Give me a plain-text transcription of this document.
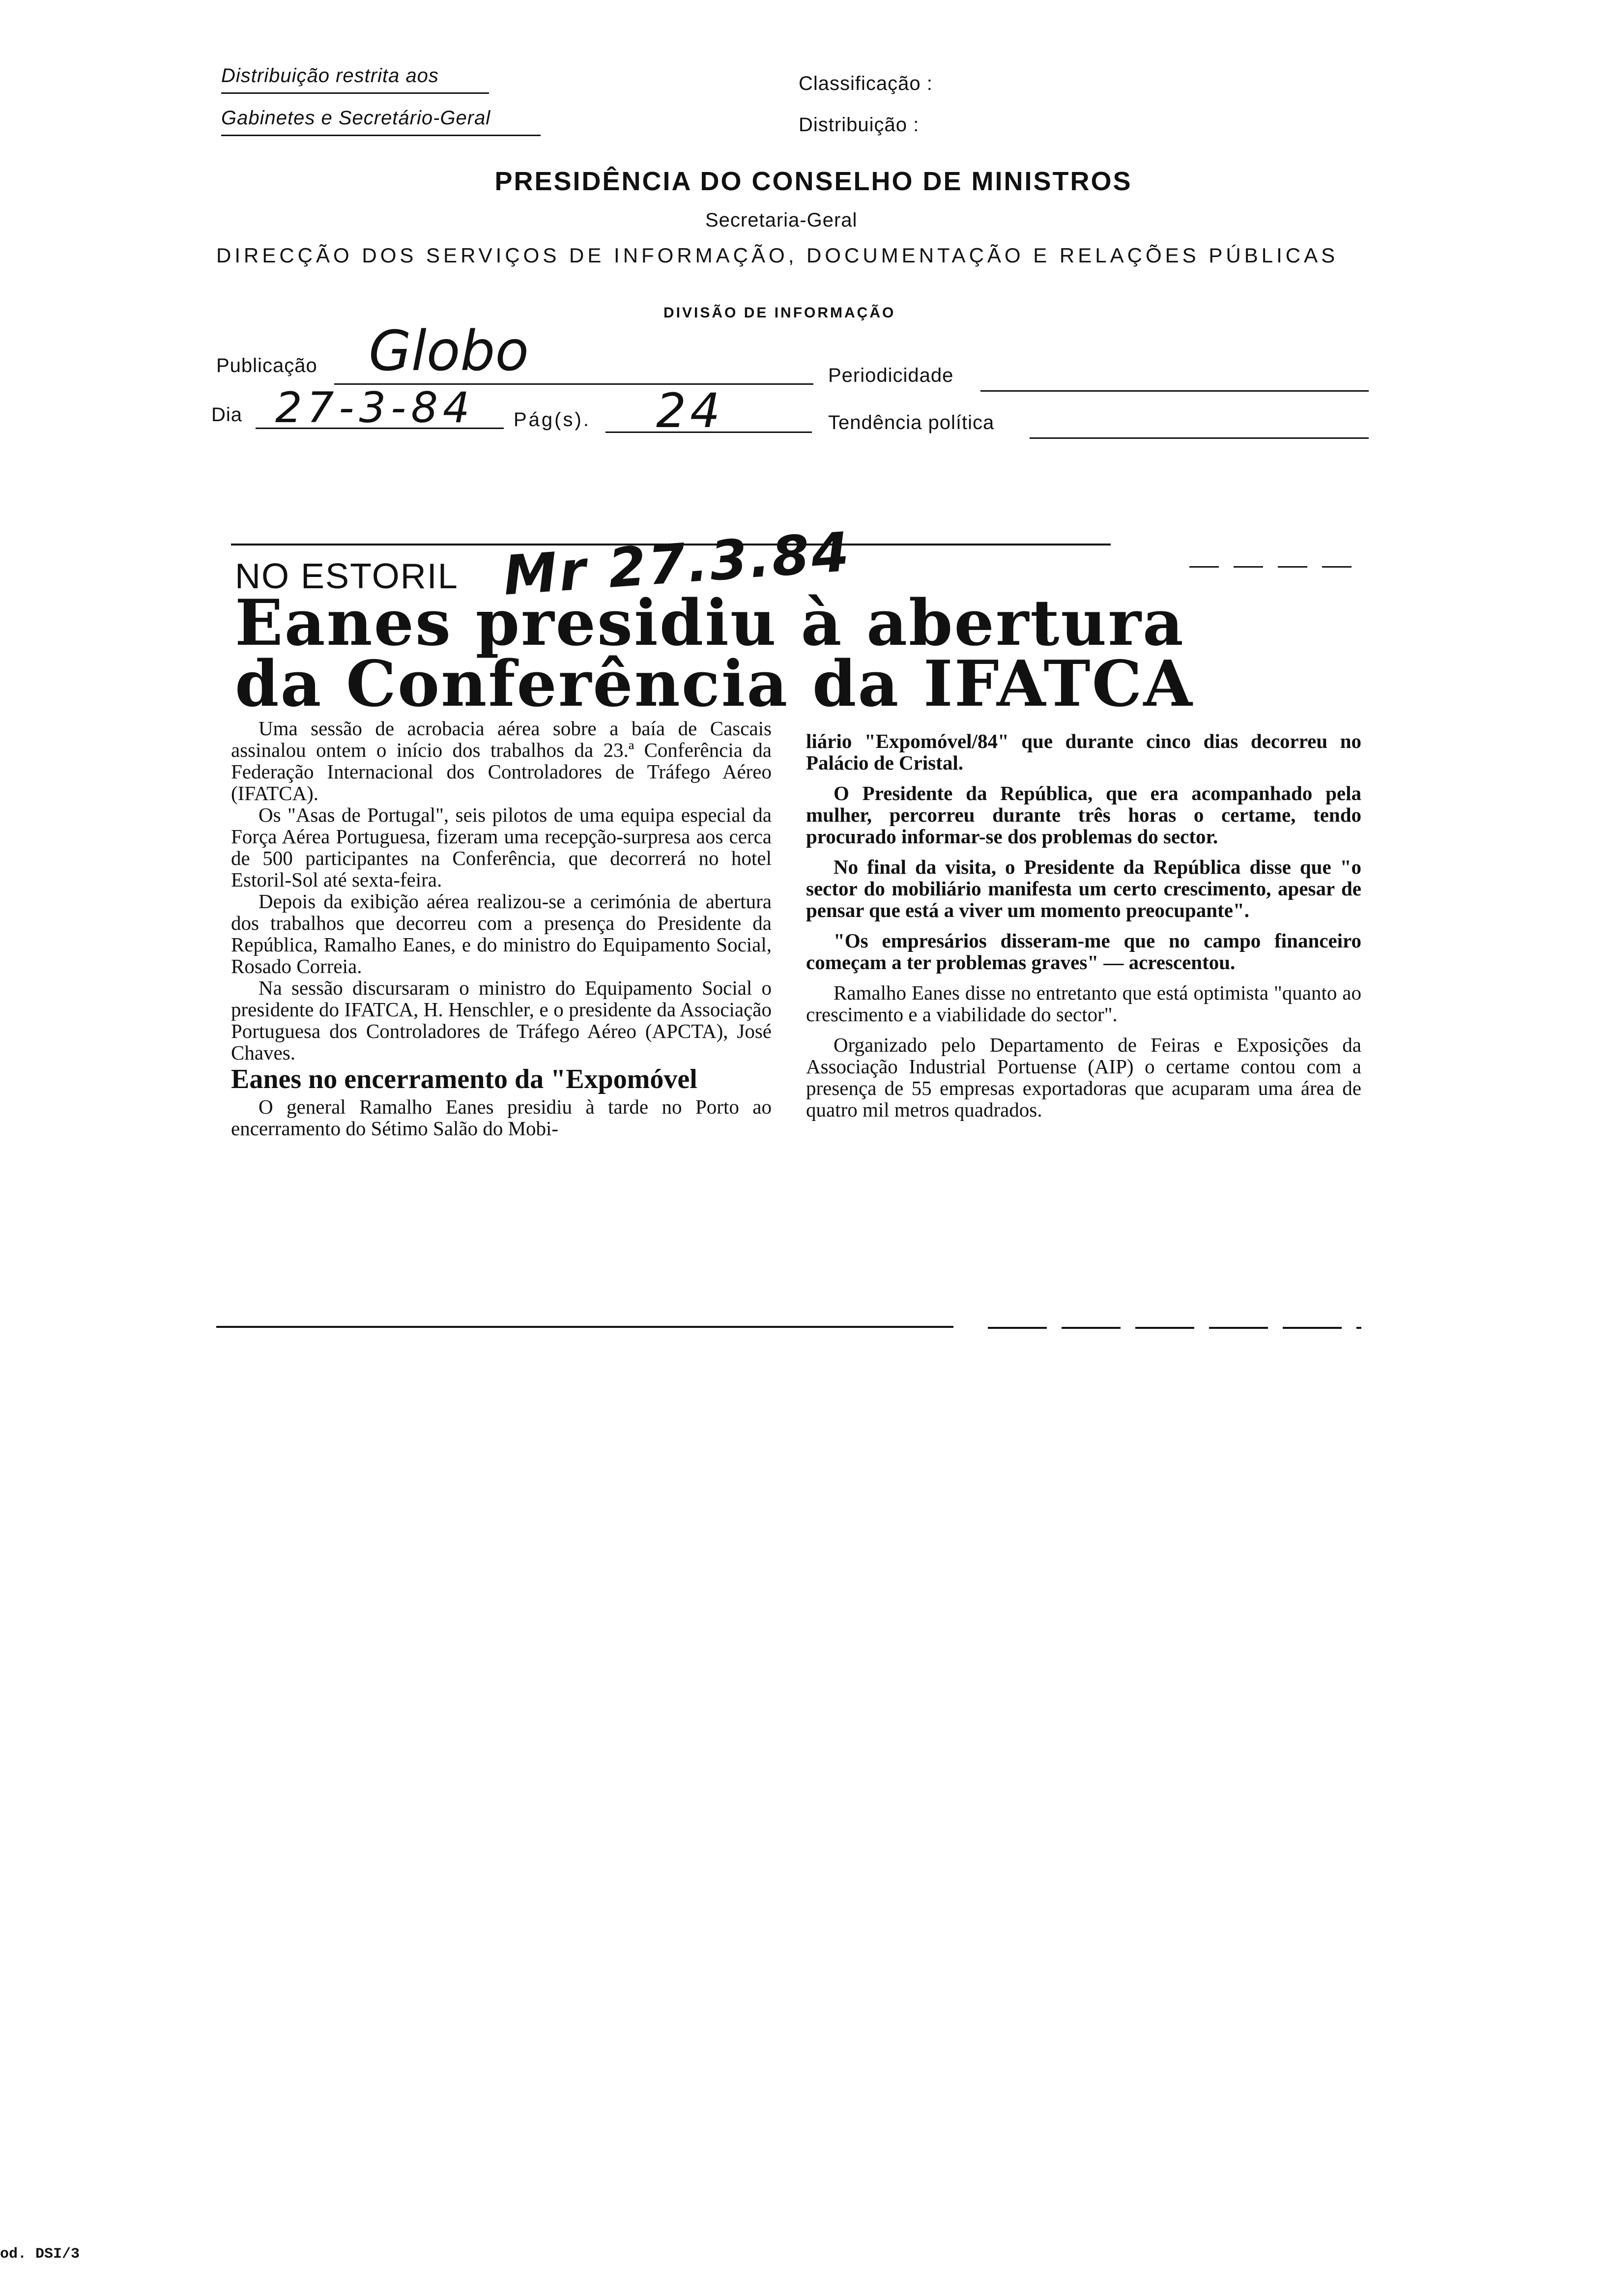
Distribuição restrita aos
Gabinetes e Secretário-Geral
Classificação :
Distribuição :
PRESIDÊNCIA DO CONSELHO DE MINISTROS
Secretaria-Geral
DIRECÇÃO DOS SERVIÇOS DE INFORMAÇÃO, DOCUMENTAÇÃO E RELAÇÕES PÚBLICAS
DIVISÃO DE INFORMAÇÃO
Publicação Globo	Periodicidade
Dia 27-3-84 Pág(s). 24	Tendência política
NO ESTORIL Mr 27.3.84
Eanes presidiu à abertura
da Conferência da IFATCA

Uma sessão de acrobacia aérea sobre a baía de Cascais assinalou ontem o início dos trabalhos da 23.ª Conferência da Federação Internacional dos Controladores de Tráfego Aéreo (IFATCA).

Os "Asas de Portugal", seis pilotos de uma equipa especial da Força Aérea Portuguesa, fizeram uma recepção-surpresa aos cerca de 500 participantes na Conferência, que decorrerá no hotel Estoril-Sol até sexta-feira.

Depois da exibição aérea realizou-se a cerimónia de abertura dos trabalhos que decorreu com a presença do Presidente da República, Ramalho Eanes, e do ministro do Equipamento Social, Rosado Correia.

Na sessão discursaram o ministro do Equipamento Social o presidente do IFATCA, H. Henschler, e o presidente da Associação Portuguesa dos Controladores de Tráfego Aéreo (APCTA), José Chaves.

Eanes no encerramento da "Expomóvel

O general Ramalho Eanes presidiu à tarde no Porto ao encerramento do Sétimo Salão do Mobi-

liário "Expomóvel/84" que durante cinco dias decorreu no Palácio de Cristal.

O Presidente da República, que era acompanhado pela mulher, percorreu durante três horas o certame, tendo procurado informar-se dos problemas do sector.

No final da visita, o Presidente da República disse que "o sector do mobiliário manifesta um certo crescimento, apesar de pensar que está a viver um momento preocupante".

"Os empresários disseram-me que no campo financeiro começam a ter problemas graves" — acrescentou.

Ramalho Eanes disse no entretanto que está optimista "quanto ao crescimento e a viabilidade do sector".

Organizado pelo Departamento de Feiras e Exposições da Associação Industrial Portuense (AIP) o certame contou com a presença de 55 empresas exportadoras que acuparam uma área de quatro mil metros quadrados.

od. DSI/3
